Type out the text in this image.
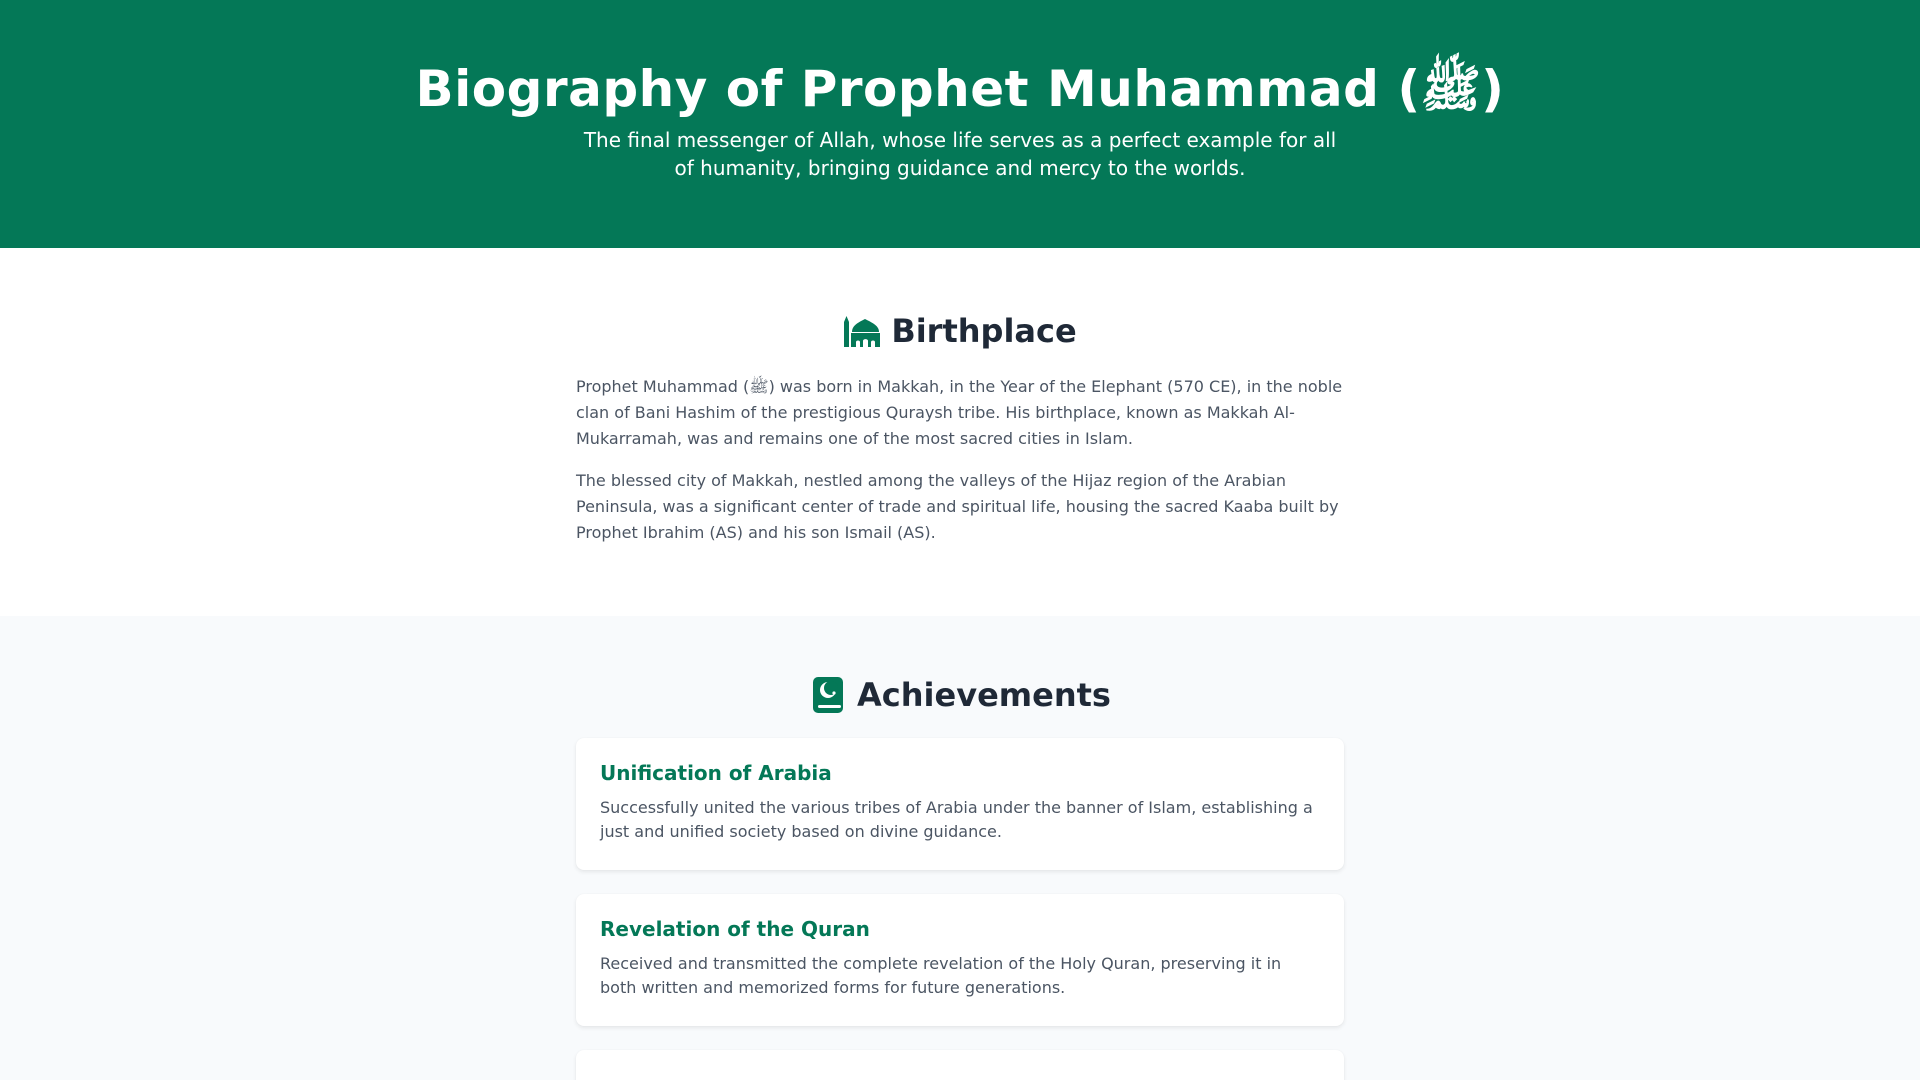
Biography of Prophet Muhammad (ﷺ)

The final messenger of Allah, whose life serves as a perfect example for all of humanity, bringing guidance and mercy to the worlds.

Birthplace

Prophet Muhammad (ﷺ) was born in Makkah, in the Year of the Elephant (570 CE), in the noble clan of Bani Hashim of the prestigious Quraysh tribe. His birthplace, known as Makkah Al-Mukarramah, was and remains one of the most sacred cities in Islam.

The blessed city of Makkah, nestled among the valleys of the Hijaz region of the Arabian Peninsula, was a significant center of trade and spiritual life, housing the sacred Kaaba built by Prophet Ibrahim (AS) and his son Ismail (AS).

Achievements
Unification of Arabia

Successfully united the various tribes of Arabia under the banner of Islam, establishing a just and unified society based on divine guidance.

Revelation of the Quran

Received and transmitted the complete revelation of the Holy Quran, preserving it in both written and memorized forms for future generations.
